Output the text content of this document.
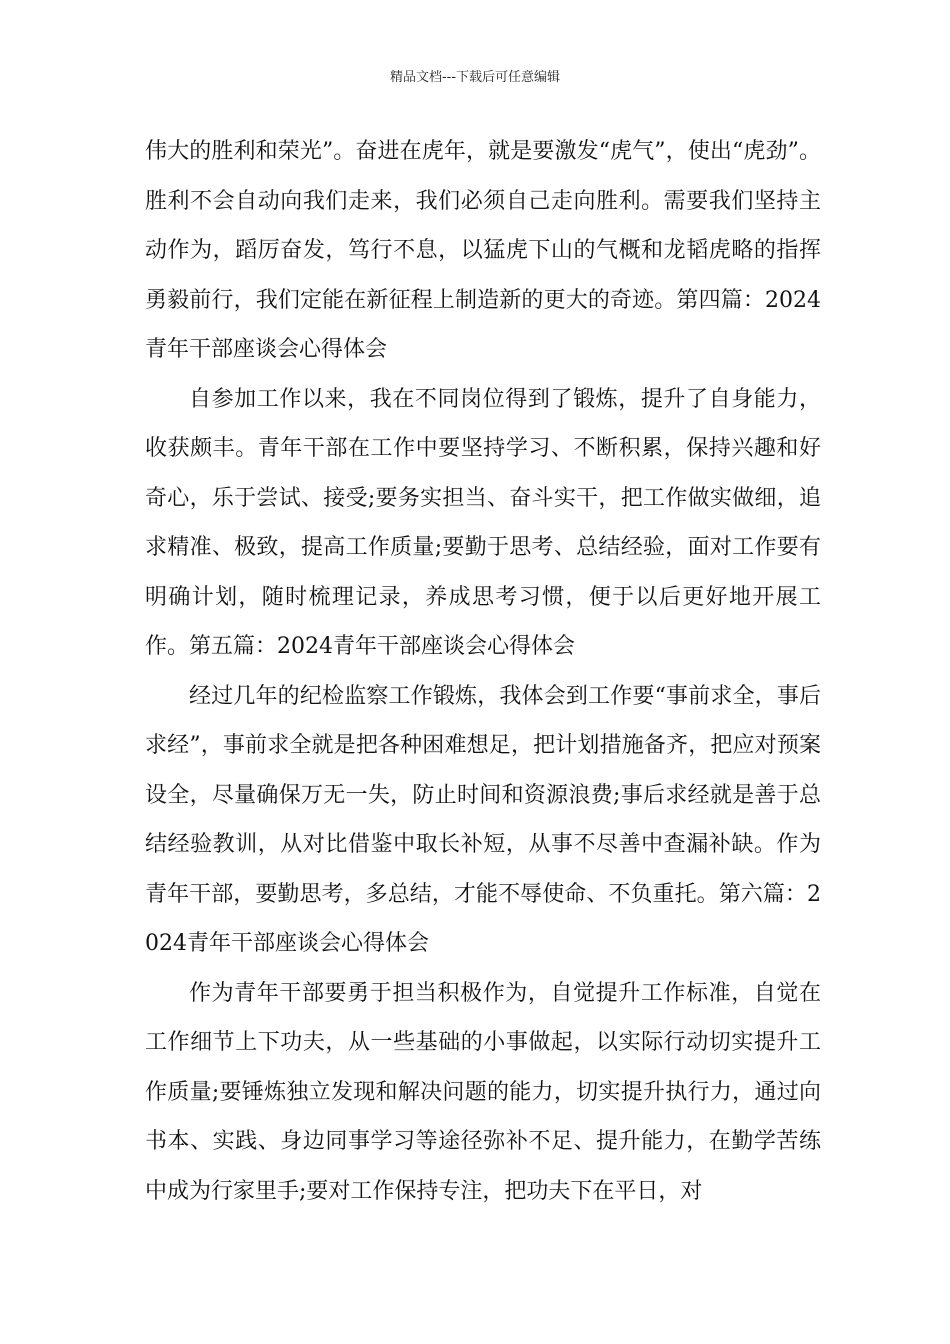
精品文档---下载后可任意编辑

伟大的胜利和荣光”。奋进在虎年，就是要激发“虎气”，使出“虎劲”。胜利不会自动向我们走来，我们必须自己走向胜利。需要我们坚持主动作为，蹈厉奋发，笃行不息，以猛虎下山的气概和龙韬虎略的指挥勇毅前行，我们定能在新征程上制造新的更大的奇迹。第四篇：2024青年干部座谈会心得体会

自参加工作以来，我在不同岗位得到了锻炼，提升了自身能力，收获颇丰。青年干部在工作中要坚持学习、不断积累，保持兴趣和好奇心，乐于尝试、接受;要务实担当、奋斗实干，把工作做实做细，追求精准、极致，提高工作质量;要勤于思考、总结经验，面对工作要有明确计划，随时梳理记录，养成思考习惯，便于以后更好地开展工作。第五篇：2024青年干部座谈会心得体会

经过几年的纪检监察工作锻炼，我体会到工作要“事前求全，事后求经”，事前求全就是把各种困难想足，把计划措施备齐，把应对预案设全，尽量确保万无一失，防止时间和资源浪费;事后求经就是善于总结经验教训，从对比借鉴中取长补短，从事不尽善中查漏补缺。作为青年干部，要勤思考，多总结，才能不辱使命、不负重托。第六篇：2024青年干部座谈会心得体会

作为青年干部要勇于担当积极作为，自觉提升工作标准，自觉在工作细节上下功夫，从一些基础的小事做起，以实际行动切实提升工作质量;要锤炼独立发现和解决问题的能力，切实提升执行力，通过向书本、实践、身边同事学习等途径弥补不足、提升能力，在勤学苦练中成为行家里手;要对工作保持专注，把功夫下在平日，对
